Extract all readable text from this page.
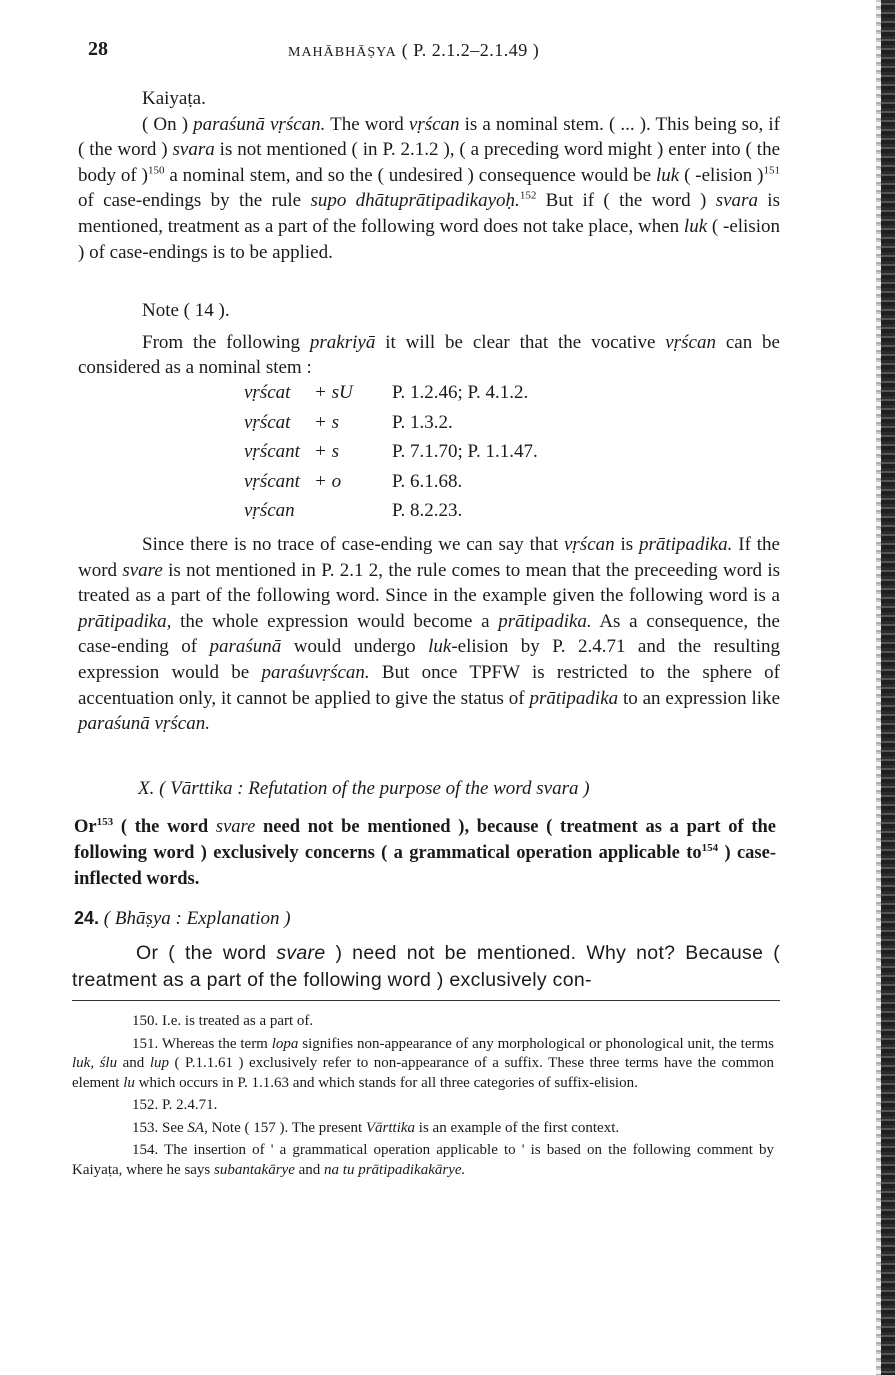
28	MAHĀBHĀṢYA ( P. 2.1.2–2.1.49 )

Kaiyaṭa.

( On ) paraśunā vṛścan. The word vṛścan is a nominal stem. ( ... ). This being so, if ( the word ) svara is not mentioned ( in P. 2.1.2 ), ( a preceding word might ) enter into ( the body of )$^{150}$ a nominal stem, and so the ( undesired ) consequence would be luk ( -elision )$^{151}$ of case-endings by the rule supo dhātuprātipadikayoḥ.$^{152}$ But if ( the word ) svara is mentioned, treatment as a part of the following word does not take place, when luk ( -elision ) of case-endings is to be applied.

Note ( 14 ).

From the following prakriyā it will be clear that the vocative vṛścan can be considered as a nominal stem :

vṛścat	+ sU	P. 1.2.46; P. 4.1.2.
vṛścat	+ s	P. 1.3.2.
vṛścant	+ s	P. 7.1.70; P. 1.1.47.
vṛścant	+ o	P. 6.1.68.
vṛścan		P. 8.2.23.

Since there is no trace of case-ending we can say that vṛścan is prātipadika. If the word svare is not mentioned in P. 2.1 2, the rule comes to mean that the preceeding word is treated as a part of the following word. Since in the example given the following word is a prātipadika, the whole expression would become a prātipadika. As a consequence, the case-ending of paraśunā would undergo luk-elision by P. 2.4.71 and the resulting expression would be paraśuvṛścan. But once TPFW is restricted to the sphere of accentuation only, it cannot be applied to give the status of prātipadika to an expression like paraśunā vṛścan.

X. ( Vārttika : Refutation of the purpose of the word svara )
Or$^{153}$ ( the word svare need not be mentioned ), because ( treatment as a part of the following word ) exclusively concerns ( a grammatical operation applicable $to^{154}$ ) case-inflected words.
24. ( Bhāṣya : Explanation )
Or ( the word svare ) need not be mentioned. Why not? Because ( treatment as a part of the following word ) exclusively con-

150. I.e. is treated as a part of.

151. Whereas the term lopa signifies non-appearance of any morphological or phonological unit, the terms luk, ślu and lup ( P.1.1.61 ) exclusively refer to non-appearance of a suffix. These three terms have the common element lu which occurs in P. 1.1.63 and which stands for all three categories of suffix-elision.

152. P. 2.4.71.

153. See SA, Note ( 157 ). The present Vārttika is an example of the first context.

154. The insertion of ' a grammatical operation applicable to ' is based on the following comment by Kaiyaṭa, where he says subantakārye and na tu prātipadikakārye.
